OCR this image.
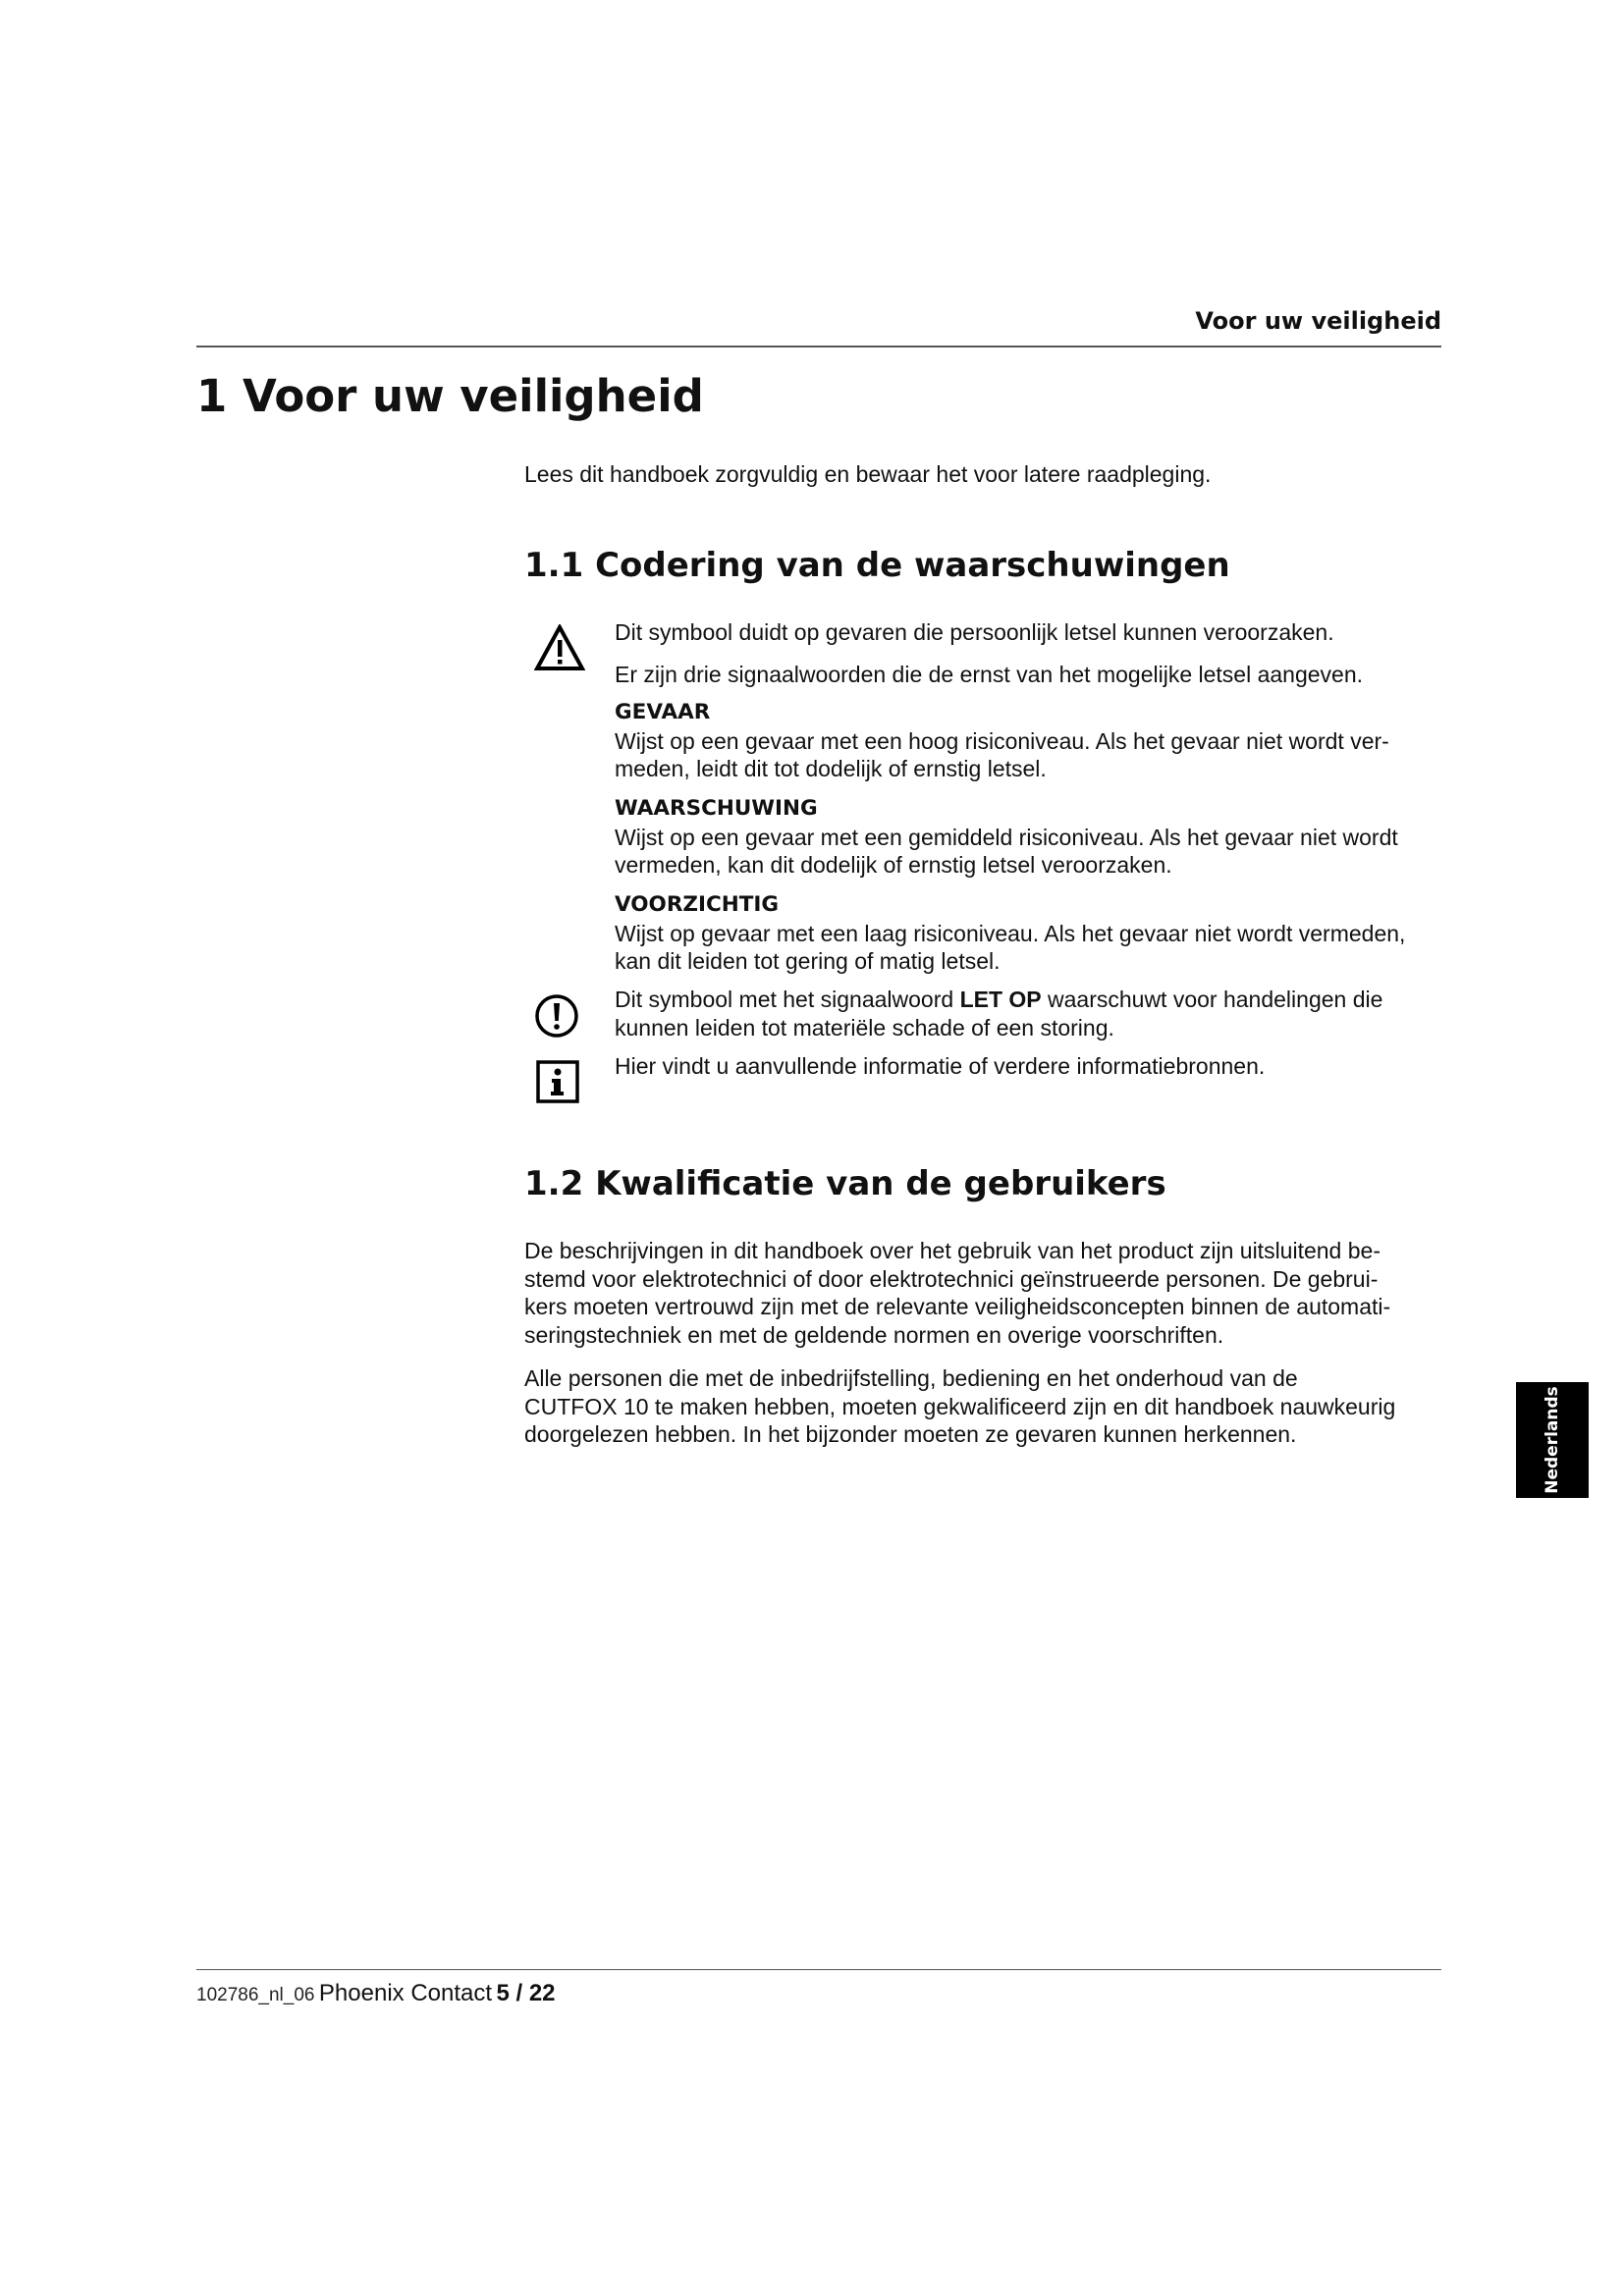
Voor uw veiligheid
1 Voor uw veiligheid

Lees dit handboek zorgvuldig en bewaar het voor latere raadpleging.

1.1 Codering van de waarschuwingen
Dit symbool duidt op gevaren die persoonlijk letsel kunnen veroorzaken.
Er zijn drie signaalwoorden die de ernst van het mogelijke letsel aangeven.
GEVAAR
Wijst op een gevaar met een hoog risiconiveau. Als het gevaar niet wordt ver-
meden, leidt dit tot dodelijk of ernstig letsel.
WAARSCHUWING
Wijst op een gevaar met een gemiddeld risiconiveau. Als het gevaar niet wordt
vermeden, kan dit dodelijk of ernstig letsel veroorzaken.
VOORZICHTIG
Wijst op gevaar met een laag risiconiveau. Als het gevaar niet wordt vermeden,
kan dit leiden tot gering of matig letsel.
Dit symbool met het signaalwoord LET OP waarschuwt voor handelingen die
kunnen leiden tot materiële schade of een storing.
Hier vindt u aanvullende informatie of verdere informatiebronnen.
1.2 Kwalificatie van de gebruikers
De beschrijvingen in dit handboek over het gebruik van het product zijn uitsluitend be-
stemd voor elektrotechnici of door elektrotechnici geïnstrueerde personen. De gebrui-
kers moeten vertrouwd zijn met de relevante veiligheidsconcepten binnen de automati-
seringstechniek en met de geldende normen en overige voorschriften.
Alle personen die met de inbedrijfstelling, bediening en het onderhoud van de
CUTFOX 10 te maken hebben, moeten gekwalificeerd zijn en dit handboek nauwkeurig
doorgelezen hebben. In het bijzonder moeten ze gevaren kunnen herkennen.	Nederlands
102786_nl_06 Phoenix Contact 5 / 22
